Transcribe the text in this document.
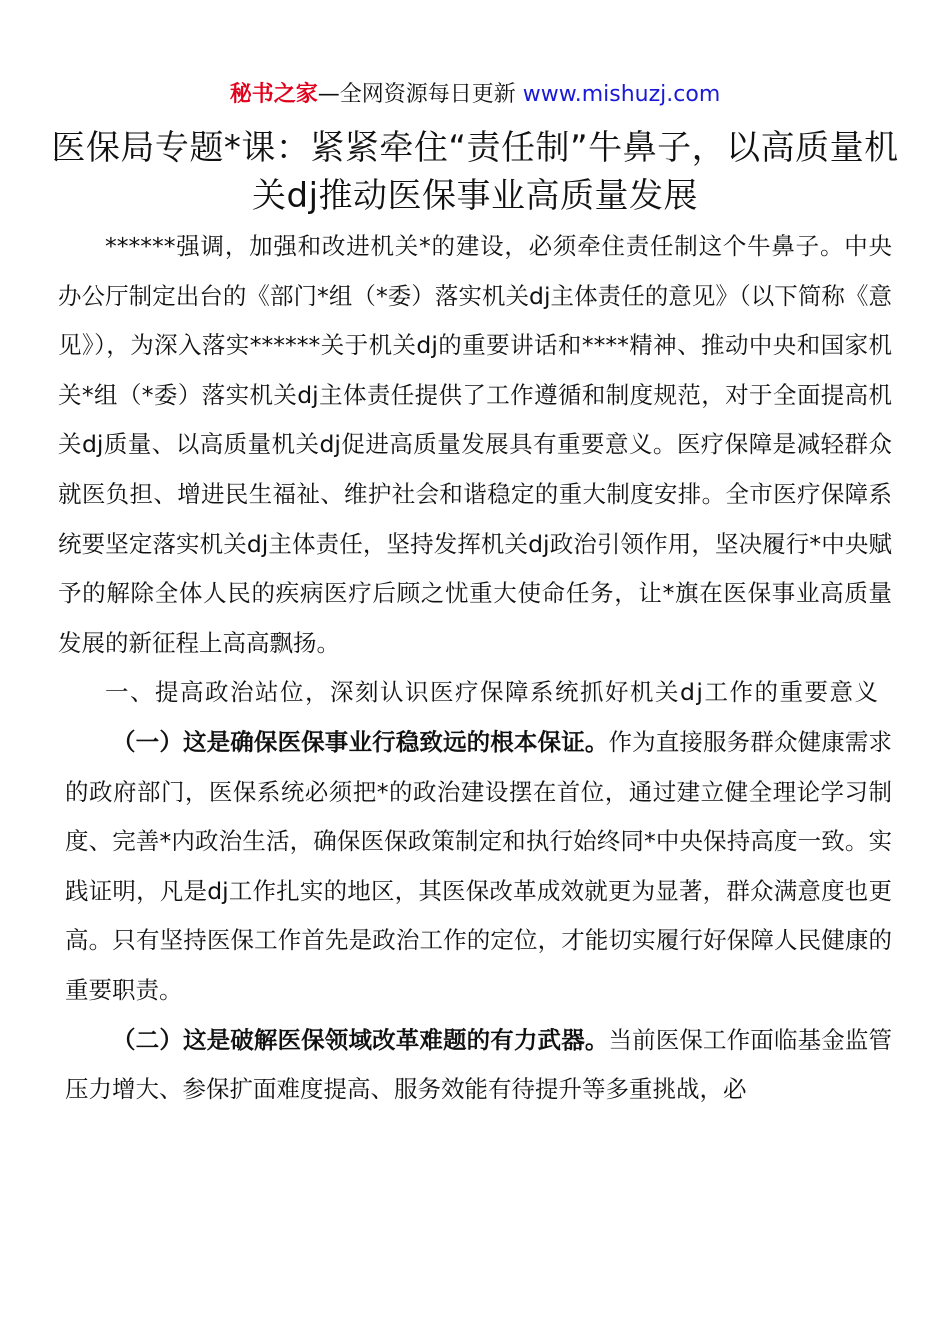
秘书之家—全网资源每日更新 www.mishuzj.com
医保局专题*课：紧紧牵住“责任制”牛鼻子，以高质量机关dj推动医保事业高质量发展

******强调，加强和改进机关*的建设，必须牵住责任制这个牛鼻子。中央办公厅制定出台的《部门*组（*委）落实机关dj主体责任的意见》（以下简称《意见》），为深入落实******关于机关dj的重要讲话和****精神、推动中央和国家机关*组（*委）落实机关dj主体责任提供了工作遵循和制度规范，对于全面提高机关dj质量、以高质量机关dj促进高质量发展具有重要意义。医疗保障是减轻群众就医负担、增进民生福祉、维护社会和谐稳定的重大制度安排。全市医疗保障系统要坚定落实机关dj主体责任，坚持发挥机关dj政治引领作用，坚决履行*中央赋予的解除全体人民的疾病医疗后顾之忧重大使命任务，让*旗在医保事业高质量发展的新征程上高高飘扬。

一、提高政治站位，深刻认识医疗保障系统抓好机关dj工作的重要意义

（一）这是确保医保事业行稳致远的根本保证。作为直接服务群众健康需求的政府部门，医保系统必须把*的政治建设摆在首位，通过建立健全理论学习制度、完善*内政治生活，确保医保政策制定和执行始终同*中央保持高度一致。实践证明，凡是dj工作扎实的地区，其医保改革成效就更为显著，群众满意度也更高。只有坚持医保工作首先是政治工作的定位，才能切实履行好保障人民健康的重要职责。

（二）这是破解医保领域改革难题的有力武器。当前医保工作面临基金监管压力增大、参保扩面难度提高、服务效能有待提升等多重挑战，必
